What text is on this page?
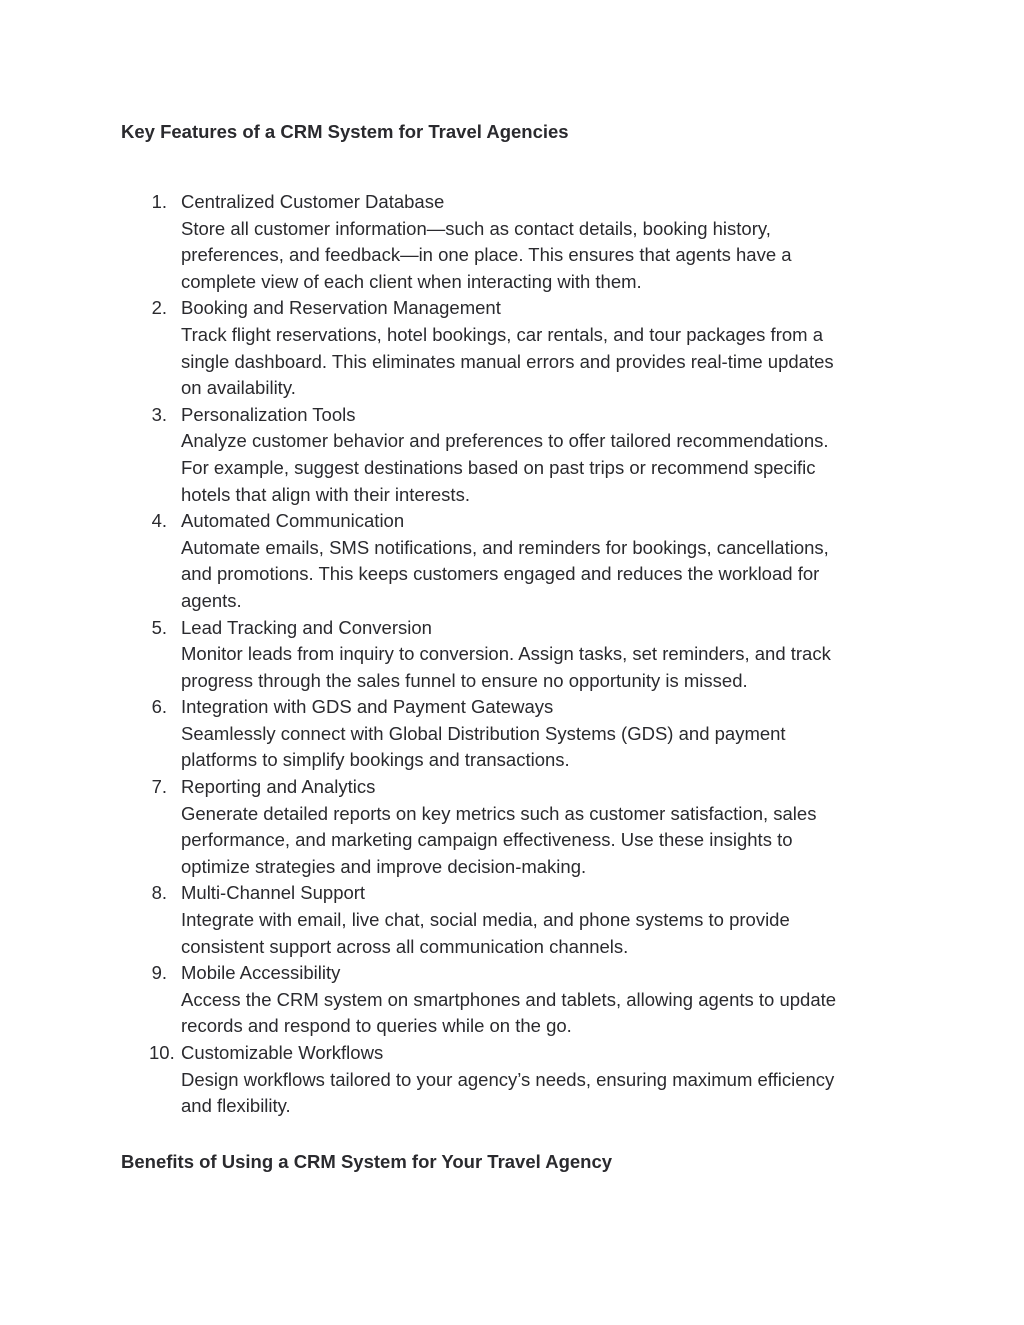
Key Features of a CRM System for Travel Agencies
1. Centralized Customer Database
Store all customer information—such as contact details, booking history,
preferences, and feedback—in one place. This ensures that agents have a
complete view of each client when interacting with them.
2. Booking and Reservation Management
Track flight reservations, hotel bookings, car rentals, and tour packages from a
single dashboard. This eliminates manual errors and provides real-time updates
on availability.
3. Personalization Tools
Analyze customer behavior and preferences to offer tailored recommendations.
For example, suggest destinations based on past trips or recommend specific
hotels that align with their interests.
4. Automated Communication
Automate emails, SMS notifications, and reminders for bookings, cancellations,
and promotions. This keeps customers engaged and reduces the workload for
agents.
5. Lead Tracking and Conversion
Monitor leads from inquiry to conversion. Assign tasks, set reminders, and track
progress through the sales funnel to ensure no opportunity is missed.
6. Integration with GDS and Payment Gateways
Seamlessly connect with Global Distribution Systems (GDS) and payment
platforms to simplify bookings and transactions.
7. Reporting and Analytics
Generate detailed reports on key metrics such as customer satisfaction, sales
performance, and marketing campaign effectiveness. Use these insights to
optimize strategies and improve decision-making.
8. Multi-Channel Support
Integrate with email, live chat, social media, and phone systems to provide
consistent support across all communication channels.
9. Mobile Accessibility
Access the CRM system on smartphones and tablets, allowing agents to update
records and respond to queries while on the go.
10. Customizable Workflows
Design workflows tailored to your agency’s needs, ensuring maximum efficiency
and flexibility.
Benefits of Using a CRM System for Your Travel Agency
